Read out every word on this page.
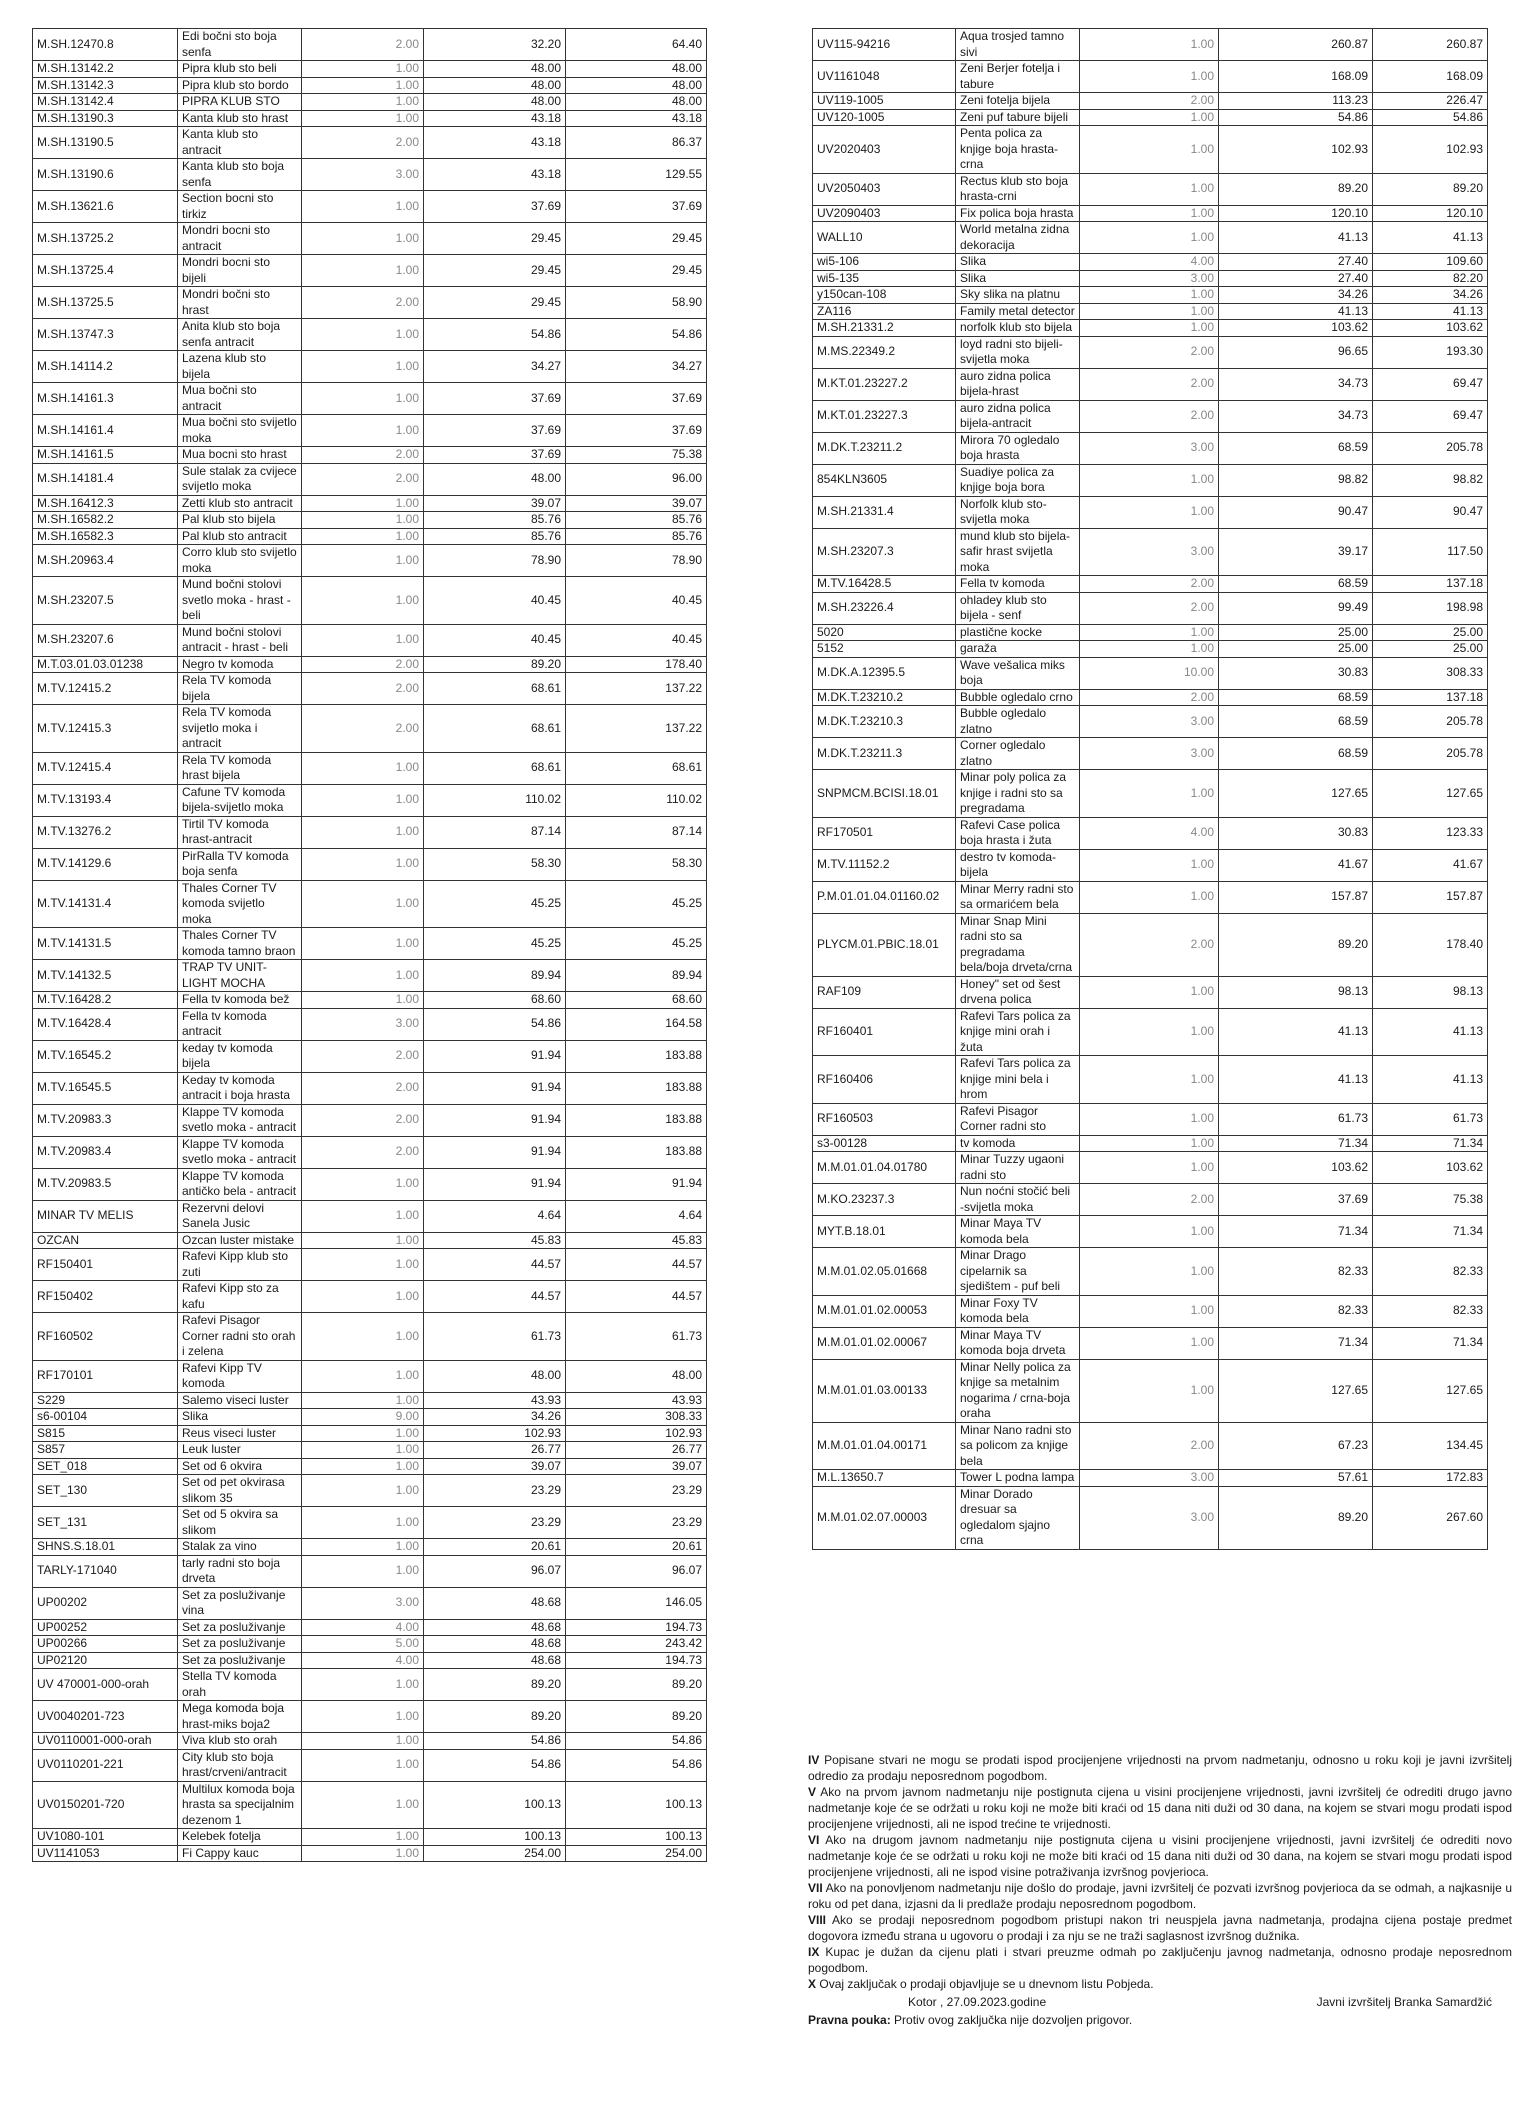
M.SH.12470.8	Edi bočni sto boja senfa	2.00	32.20	64.40
M.SH.13142.2	Pipra klub sto beli	1.00	48.00	48.00
M.SH.13142.3	Pipra klub sto bordo	1.00	48.00	48.00
M.SH.13142.4	PIPRA KLUB STO	1.00	48.00	48.00
M.SH.13190.3	Kanta klub sto hrast	1.00	43.18	43.18
M.SH.13190.5	Kanta klub sto antracit	2.00	43.18	86.37
M.SH.13190.6	Kanta klub sto boja senfa	3.00	43.18	129.55
M.SH.13621.6	Section bocni sto tirkiz	1.00	37.69	37.69
M.SH.13725.2	Mondri bocni sto antracit	1.00	29.45	29.45
M.SH.13725.4	Mondri bocni sto bijeli	1.00	29.45	29.45
M.SH.13725.5	Mondri bočni sto hrast	2.00	29.45	58.90
M.SH.13747.3	Anita klub sto boja senfa antracit	1.00	54.86	54.86
M.SH.14114.2	Lazena klub sto bijela	1.00	34.27	34.27
M.SH.14161.3	Mua bočni sto antracit	1.00	37.69	37.69
M.SH.14161.4	Mua bočni sto svijetlo moka	1.00	37.69	37.69
M.SH.14161.5	Mua bocni sto hrast	2.00	37.69	75.38
M.SH.14181.4	Sule stalak za cvijece svijetlo moka	2.00	48.00	96.00
M.SH.16412.3	Zetti klub sto antracit	1.00	39.07	39.07
M.SH.16582.2	Pal klub sto bijela	1.00	85.76	85.76
M.SH.16582.3	Pal klub sto antracit	1.00	85.76	85.76
M.SH.20963.4	Corro klub sto svijetlo moka	1.00	78.90	78.90
M.SH.23207.5	Mund bočni stolovi svetlo moka - hrast - beli	1.00	40.45	40.45
M.SH.23207.6	Mund bočni stolovi antracit - hrast - beli	1.00	40.45	40.45
M.T.03.01.03.01238	Negro tv komoda	2.00	89.20	178.40
M.TV.12415.2	Rela TV komoda bijela	2.00	68.61	137.22
M.TV.12415.3	Rela TV komoda svijetlo moka i antracit	2.00	68.61	137.22
M.TV.12415.4	Rela TV komoda hrast bijela	1.00	68.61	68.61
M.TV.13193.4	Cafune TV komoda bijela-svijetlo moka	1.00	110.02	110.02
M.TV.13276.2	Tirtil TV komoda hrast-antracit	1.00	87.14	87.14
M.TV.14129.6	PirRalla TV komoda boja senfa	1.00	58.30	58.30
M.TV.14131.4	Thales Corner TV komoda svijetlo moka	1.00	45.25	45.25
M.TV.14131.5	Thales Corner TV komoda tamno braon	1.00	45.25	45.25
M.TV.14132.5	TRAP TV UNIT-LIGHT MOCHA	1.00	89.94	89.94
M.TV.16428.2	Fella tv komoda bež	1.00	68.60	68.60
M.TV.16428.4	Fella tv komoda antracit	3.00	54.86	164.58
M.TV.16545.2	keday tv komoda bijela	2.00	91.94	183.88
M.TV.16545.5	Keday tv komoda antracit i boja hrasta	2.00	91.94	183.88
M.TV.20983.3	Klappe TV komoda svetlo moka - antracit	2.00	91.94	183.88
M.TV.20983.4	Klappe TV komoda svetlo moka - antracit	2.00	91.94	183.88
M.TV.20983.5	Klappe TV komoda antičko bela - antracit	1.00	91.94	91.94
MINAR TV MELIS	Rezervni delovi Sanela Jusic	1.00	4.64	4.64
OZCAN	Ozcan luster mistake	1.00	45.83	45.83
RF150401	Rafevi Kipp klub sto zuti	1.00	44.57	44.57
RF150402	Rafevi Kipp sto za kafu	1.00	44.57	44.57
RF160502	Rafevi Pisagor Corner radni sto orah i zelena	1.00	61.73	61.73
RF170101	Rafevi Kipp TV komoda	1.00	48.00	48.00
S229	Salemo viseci luster	1.00	43.93	43.93
s6-00104	Slika	9.00	34.26	308.33
S815	Reus viseci luster	1.00	102.93	102.93
S857	Leuk luster	1.00	26.77	26.77
SET_018	Set od 6 okvira	1.00	39.07	39.07
SET_130	Set od pet okvirasa slikom 35	1.00	23.29	23.29
SET_131	Set od 5 okvira sa slikom	1.00	23.29	23.29
SHNS.S.18.01	Stalak za vino	1.00	20.61	20.61
TARLY-171040	tarly radni sto boja drveta	1.00	96.07	96.07
UP00202	Set za posluživanje vina	3.00	48.68	146.05
UP00252	Set za posluživanje	4.00	48.68	194.73
UP00266	Set za posluživanje	5.00	48.68	243.42
UP02120	Set za posluživanje	4.00	48.68	194.73
UV 470001-000-orah	Stella TV komoda orah	1.00	89.20	89.20
UV0040201-723	Mega komoda boja hrast-miks boja2	1.00	89.20	89.20
UV0110001-000-orah	Viva klub sto orah	1.00	54.86	54.86
UV0110201-221	City klub sto boja hrast/crveni/antracit	1.00	54.86	54.86
UV0150201-720	Multilux komoda boja hrasta sa specijalnim dezenom 1	1.00	100.13	100.13
UV1080-101	Kelebek fotelja	1.00	100.13	100.13
UV1141053	Fi Cappy kauc	1.00	254.00	254.00
UV115-94216	Aqua trosjed tamno sivi	1.00	260.87	260.87
UV1161048	Zeni Berjer fotelja i tabure	1.00	168.09	168.09
UV119-1005	Zeni fotelja bijela	2.00	113.23	226.47
UV120-1005	Zeni puf tabure bijeli	1.00	54.86	54.86
UV2020403	Penta polica za knjige boja hrasta-crna	1.00	102.93	102.93
UV2050403	Rectus klub sto boja hrasta-crni	1.00	89.20	89.20
UV2090403	Fix polica boja hrasta	1.00	120.10	120.10
WALL10	World metalna zidna dekoracija	1.00	41.13	41.13
wi5-106	Slika	4.00	27.40	109.60
wi5-135	Slika	3.00	27.40	82.20
y150can-108	Sky slika na platnu	1.00	34.26	34.26
ZA116	Family metal detector	1.00	41.13	41.13
M.SH.21331.2	norfolk klub sto bijela	1.00	103.62	103.62
M.MS.22349.2	loyd radni sto bijeli-svijetla moka	2.00	96.65	193.30
M.KT.01.23227.2	auro zidna polica bijela-hrast	2.00	34.73	69.47
M.KT.01.23227.3	auro zidna polica bijela-antracit	2.00	34.73	69.47
M.DK.T.23211.2	Mirora 70 ogledalo boja hrasta	3.00	68.59	205.78
854KLN3605	Suadiye polica za knjige boja bora	1.00	98.82	98.82
M.SH.21331.4	Norfolk klub sto-svijetla moka	1.00	90.47	90.47
M.SH.23207.3	mund klub sto bijela-safir hrast svijetla moka	3.00	39.17	117.50
M.TV.16428.5	Fella tv komoda	2.00	68.59	137.18
M.SH.23226.4	ohladey klub sto bijela - senf	2.00	99.49	198.98
5020	plastične kocke	1.00	25.00	25.00
5152	garaža	1.00	25.00	25.00
M.DK.A.12395.5	Wave vešalica miks boja	10.00	30.83	308.33
M.DK.T.23210.2	Bubble ogledalo crno	2.00	68.59	137.18
M.DK.T.23210.3	Bubble ogledalo zlatno	3.00	68.59	205.78
M.DK.T.23211.3	Corner ogledalo zlatno	3.00	68.59	205.78
SNPMCM.BCISI.18.01	Minar poly polica za knjige i radni sto sa pregradama	1.00	127.65	127.65
RF170501	Rafevi Case polica boja hrasta i žuta	4.00	30.83	123.33
M.TV.11152.2	destro tv komoda-bijela	1.00	41.67	41.67
P.M.01.01.04.01160.02	Minar Merry radni sto sa ormarićem bela	1.00	157.87	157.87
PLYCM.01.PBIC.18.01	Minar Snap Mini radni sto sa pregradama bela/boja drveta/crna	2.00	89.20	178.40
RAF109	Honey" set od šest drvena polica	1.00	98.13	98.13
RF160401	Rafevi Tars polica za knjige mini orah i žuta	1.00	41.13	41.13
RF160406	Rafevi Tars polica za knjige mini bela i hrom	1.00	41.13	41.13
RF160503	Rafevi Pisagor Corner radni sto	1.00	61.73	61.73
s3-00128	tv komoda	1.00	71.34	71.34
M.M.01.01.04.01780	Minar Tuzzy ugaoni radni sto	1.00	103.62	103.62
M.KO.23237.3	Nun noćni stočić beli -svijetla moka	2.00	37.69	75.38
MYT.B.18.01	Minar Maya TV komoda bela	1.00	71.34	71.34
M.M.01.02.05.01668	Minar Drago cipelarnik sa sjedištem - puf beli	1.00	82.33	82.33
M.M.01.01.02.00053	Minar Foxy TV komoda bela	1.00	82.33	82.33
M.M.01.01.02.00067	Minar Maya TV komoda boja drveta	1.00	71.34	71.34
M.M.01.01.03.00133	Minar Nelly polica za knjige sa metalnim nogarima / crna-boja oraha	1.00	127.65	127.65
M.M.01.01.04.00171	Minar Nano radni sto sa policom za knjige bela	2.00	67.23	134.45
M.L.13650.7	Tower L podna lampa	3.00	57.61	172.83
M.M.01.02.07.00003	Minar Dorado dresuar sa ogledalom sjajno crna	3.00	89.20	267.60

IV Popisane stvari ne mogu se prodati ispod procijenjene vrijednosti na prvom nadmetanju, odnosno u roku koji je javni izvršitelj odredio za prodaju neposrednom pogodbom.

V Ako na prvom javnom nadmetanju nije postignuta cijena u visini procijenjene vrijednosti, javni izvršitelj će odrediti drugo javno nadmetanje koje će se održati u roku koji ne može biti kraći od 15 dana niti duži od 30 dana, na kojem se stvari mogu prodati ispod procijenjene vrijednosti, ali ne ispod trećine te vrijednosti.

VI Ako na drugom javnom nadmetanju nije postignuta cijena u visini procijenjene vrijednosti, javni izvršitelj će odrediti novo nadmetanje koje će se održati u roku koji ne može biti kraći od 15 dana niti duži od 30 dana, na kojem se stvari mogu prodati ispod procijenjene vrijednosti, ali ne ispod visine potraživanja izvršnog povjerioca.

VII Ako na ponovljenom nadmetanju nije došlo do prodaje, javni izvršitelj će pozvati izvršnog povjerioca da se odmah, a najkasnije u roku od pet dana, izjasni da li predlaže prodaju neposrednom pogodbom.

VIII Ako se prodaji neposrednom pogodbom pristupi nakon tri neuspjela javna nadmetanja, prodajna cijena postaje predmet dogovora između strana u ugovoru o prodaji i za nju se ne traži saglasnost izvršnog dužnika.

IX Kupac je dužan da cijenu plati i stvari preuzme odmah po zaključenju javnog nadmetanja, odnosno prodaje neposrednom pogodbom.

X Ovaj zaključak o prodaji objavljuje se u dnevnom listu Pobjeda.

Kotor , 27.09.2023.godine	Javni izvršitelj Branka Samardžić

Pravna pouka: Protiv ovog zaključka nije dozvoljen prigovor.
